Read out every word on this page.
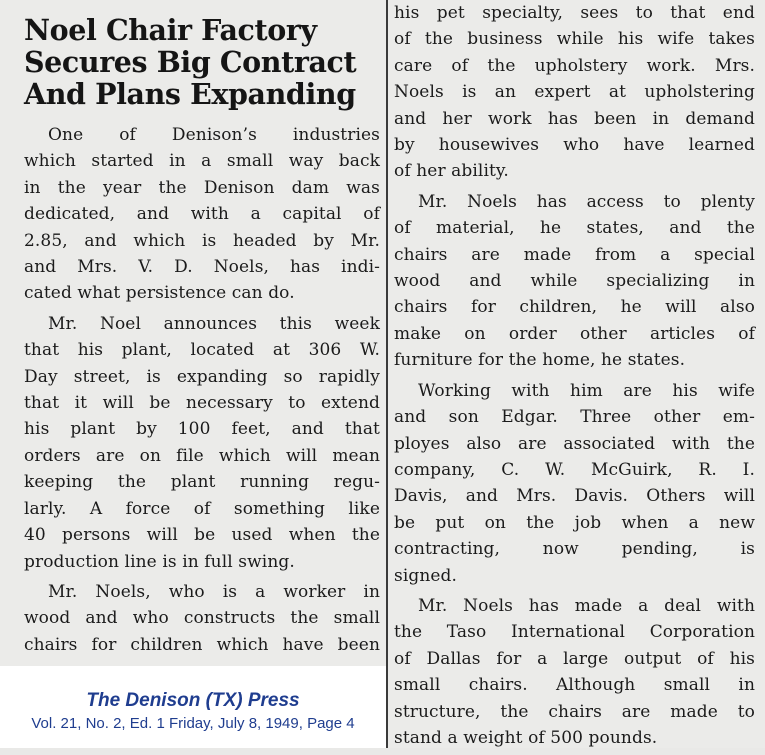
Noel Chair Factory
Secures Big Contract
And Plans Expanding

One of Denison’s industries
which started in a small way back
in the year the Denison dam was
dedicated, and with a capital of
2.85, and which is headed by Mr.
and Mrs. V. D. Noels, has indi-
cated what persistence can do.

Mr. Noel announces this week
that his plant, located at 306 W.
Day street, is expanding so rapidly
that it will be necessary to extend
his plant by 100 feet, and that
orders are on file which will mean
keeping the plant running regu-
larly. A force of something like
40 persons will be used when the
production line is in full swing.

Mr. Noels, who is a worker in
wood and who constructs the small
chairs for children which have been

his pet specialty, sees to that end
of the business while his wife takes
care of the upholstery work. Mrs.
Noels is an expert at upholstering
and her work has been in demand
by housewives who have learned
of her ability.

Mr. Noels has access to plenty
of material, he states, and the
chairs are made from a special
wood and while specializing in
chairs for children, he will also
make on order other articles of
furniture for the home, he states.

Working with him are his wife
and son Edgar. Three other em-
ployes also are associated with the
company, C. W. McGuirk, R. I.
Davis, and Mrs. Davis. Others will
be put on the job when a new
contracting, now pending, is
signed.

Mr. Noels has made a deal with
the Taso International Corporation
of Dallas for a large output of his
small chairs. Although small in
structure, the chairs are made to
stand a weight of 500 pounds.

The Denison (TX) Press
Vol. 21, No. 2, Ed. 1 Friday, July 8, 1949, Page 4
